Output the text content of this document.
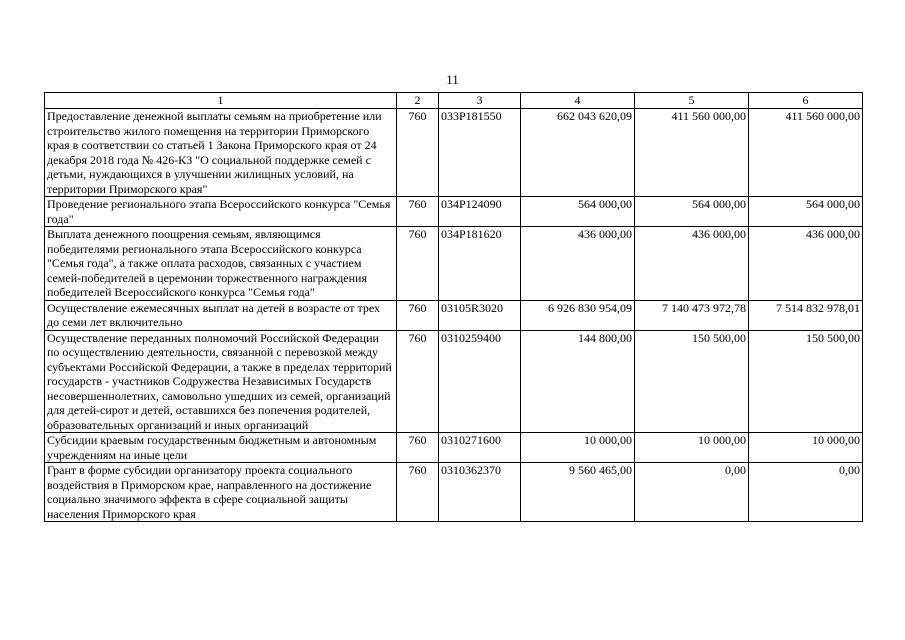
11
1	2	3	4	5	6
Предоставление денежной выплаты семьям на приобретение или строительство жилого помещения на территории Приморского края в соответствии со статьей 1 Закона Приморского края от 24 декабря 2018 года № 426-КЗ "О социальной поддержке семей с детьми, нуждающихся в улучшении жилищных условий, на территории Приморского края"	760	033P181550	662 043 620,09	411 560 000,00	411 560 000,00
Проведение регионального этапа Всероссийского конкурса "Семья года"	760	034P124090	564 000,00	564 000,00	564 000,00
Выплата денежного поощрения семьям, являющимся победителями регионального этапа Всероссийского конкурса "Семья года", а также оплата расходов, связанных с участием семей-победителей в церемонии торжественного награждения победителей Всероссийского конкурса "Семья года"	760	034P181620	436 000,00	436 000,00	436 000,00
Осуществление ежемесячных выплат на детей в возрасте от трех до семи лет включительно	760	03105R3020	6 926 830 954,09	7 140 473 972,78	7 514 832 978,01
Осуществление переданных полномочий Российской Федерации по осуществлению деятельности, связанной с перевозкой между субъектами Российской Федерации, а также в пределах территорий государств - участников Содружества Независимых Государств несовершеннолетних, самовольно ушедших из семей, организаций для детей-сирот и детей, оставшихся без попечения родителей, образовательных организаций и иных организаций	760	0310259400	144 800,00	150 500,00	150 500,00
Субсидии краевым государственным бюджетным и автономным учреждениям на иные цели	760	0310271600	10 000,00	10 000,00	10 000,00
Грант в форме субсидии организатору проекта социального воздействия в Приморском крае, направленного на достижение социально значимого эффекта в сфере социальной защиты населения Приморского края	760	0310362370	9 560 465,00	0,00	0,00
